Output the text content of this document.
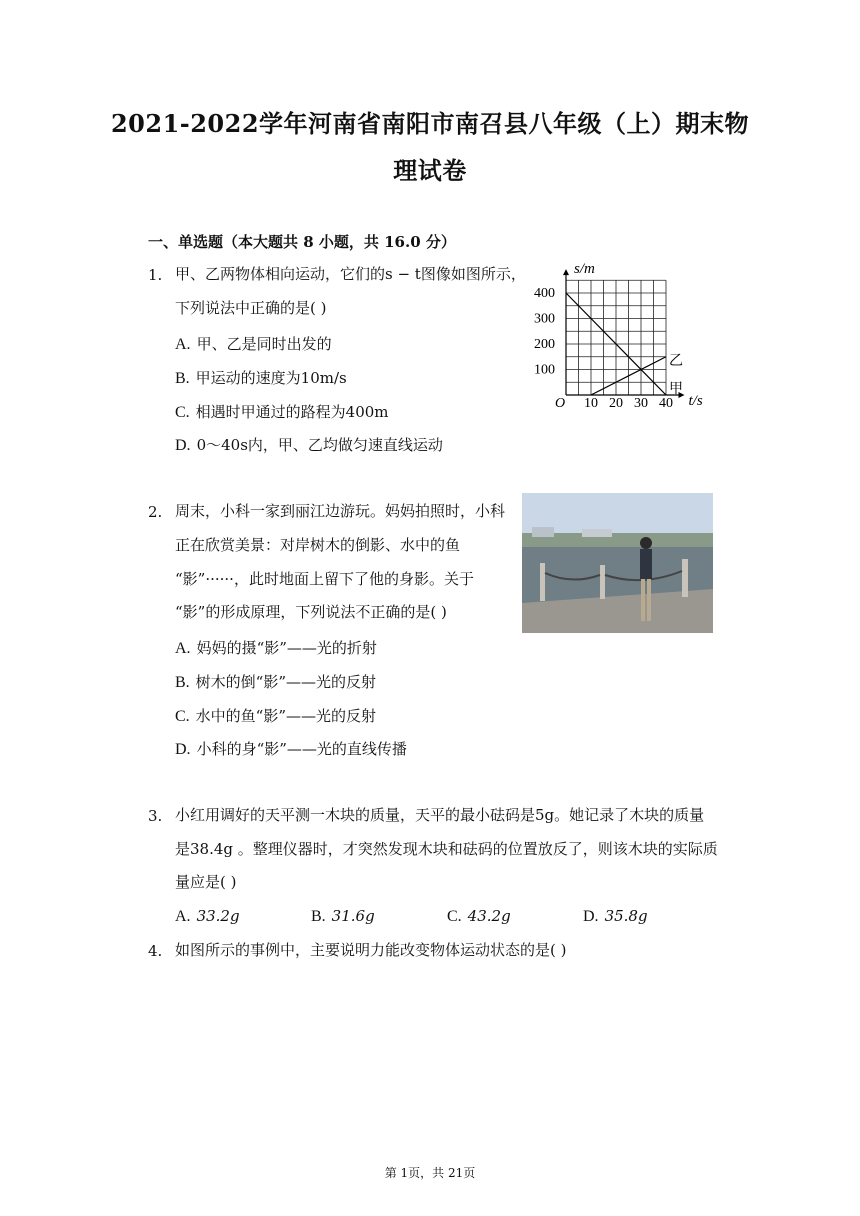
2021-2022学年河南省南阳市南召县八年级（上）期末物
理试卷
一、单选题（本大题共 8 小题，共 16.0 分）
1. 甲、乙两物体相向运动，它们的s − t图像如图所示，
下列说法中正确的是( )
A. 甲、乙是同时出发的
B. 甲运动的速度为10m/s
C. 相遇时甲通过的路程为400m
D. 0～40s内，甲、乙均做匀速直线运动
10 20 30 40
100
200
300
400
O	t/s
s/m
甲
乙
2. 周末，小科一家到丽江边游玩。妈妈拍照时，小科
正在欣赏美景：对岸树木的倒影、水中的鱼
“影”······，此时地面上留下了他的身影。关于
“影”的形成原理，下列说法不正确的是( )
A. 妈妈的摄“影”——光的折射
B. 树木的倒“影”——光的反射
C. 水中的鱼“影”——光的反射
D. 小科的身“影”——光的直线传播
3. 小红用调好的天平测一木块的质量，天平的最小砝码是5g。她记录了木块的质量
是38.4g 。整理仪器时，才突然发现木块和砝码的位置放反了，则该木块的实际质
量应是( )
A. 33.2g	B. 31.6g	C. 43.2g	D. 35.8g
4. 如图所示的事例中，主要说明力能改变物体运动状态的是( )
第 1页，共 21页
